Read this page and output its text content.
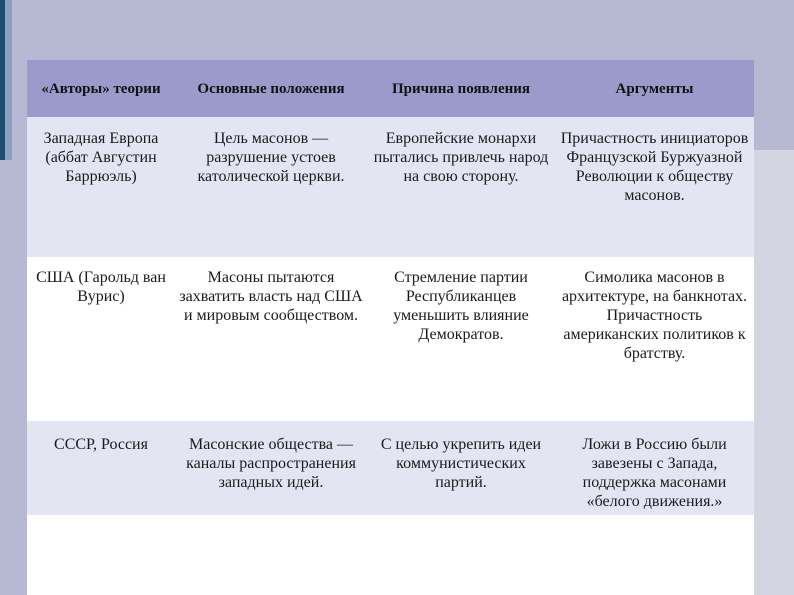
«Авторы» теории	Основные положения	Причина появления	Аргументы
Западная Европа (аббат Августин Баррюэль)	Цель масонов — разрушение устоев католической церкви.	Европейские монархи пытались привлечь народ на свою сторону.	Причастность инициаторов Французской Буржуазной Революции к обществу масонов.
США (Гарольд ван Вурис)	Масоны пытаются захватить власть над США и мировым сообществом.	Стремление партии Республиканцев уменьшить влияние Демократов.	Симолика масонов в архитектуре, на банкнотах. Причастность американских политиков к братству.
СССР, Россия	Масонские общества — каналы распространения западных идей.	С целью укрепить идеи коммунистических партий.	Ложи в Россию были завезены с Запада, поддержка масонами «белого движения.»
